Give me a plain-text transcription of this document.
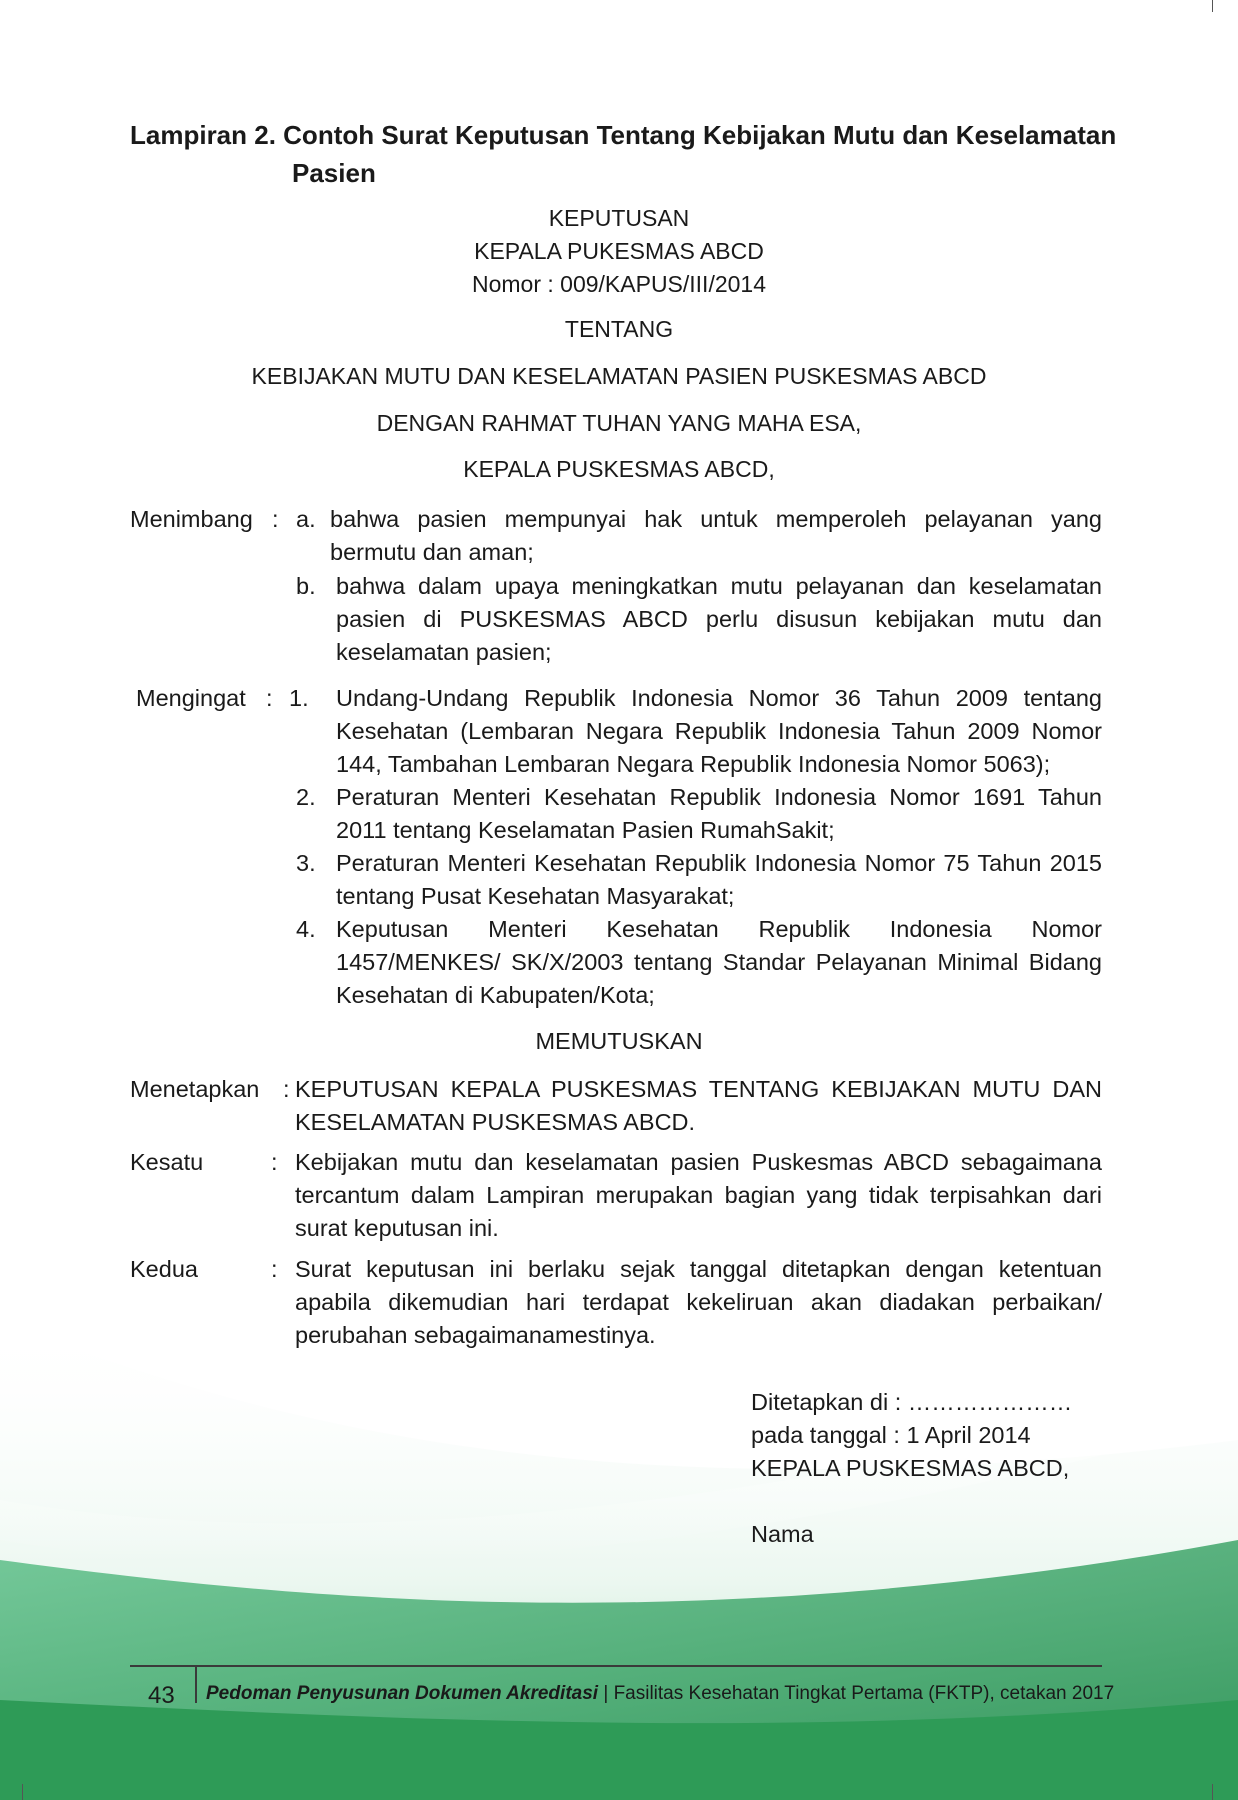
Lampiran 2. Contoh Surat Keputusan Tentang Kebijakan Mutu dan Keselamatan
Pasien
KEPUTUSAN
KEPALA PUKESMAS ABCD
Nomor : 009/KAPUS/III/2014
TENTANG
KEBIJAKAN MUTU DAN KESELAMATAN PASIEN PUSKESMAS ABCD
DENGAN RAHMAT TUHAN YANG MAHA ESA,
KEPALA PUSKESMAS ABCD,
Menimbang : a. bahwa pasien mempunyai hak untuk memperoleh pelayanan yang bermutu dan aman;
b. bahwa dalam upaya meningkatkan mutu pelayanan dan keselamatan pasien di PUSKESMAS ABCD perlu disusun kebijakan mutu dan keselamatan pasien;
Mengingat : 1. Undang-Undang Republik Indonesia Nomor 36 Tahun 2009 tentang Kesehatan (Lembaran Negara Republik Indonesia Tahun 2009 Nomor 144, Tambahan Lembaran Negara Republik Indonesia Nomor 5063);
2. Peraturan Menteri Kesehatan Republik Indonesia Nomor 1691 Tahun 2011 tentang Keselamatan Pasien RumahSakit;
3. Peraturan Menteri Kesehatan Republik Indonesia Nomor 75 Tahun 2015 tentang Pusat Kesehatan Masyarakat;
4. Keputusan Menteri Kesehatan Republik Indonesia Nomor 1457/MENKES/ SK/X/2003 tentang Standar Pelayanan Minimal Bidang Kesehatan di Kabupaten/Kota;
MEMUTUSKAN
Menetapkan : KEPUTUSAN KEPALA PUSKESMAS TENTANG KEBIJAKAN MUTU DAN KESELAMATAN PUSKESMAS ABCD.
Kesatu	: Kebijakan mutu dan keselamatan pasien Puskesmas ABCD sebagaimana tercantum dalam Lampiran merupakan bagian yang tidak terpisahkan dari surat keputusan ini.
Kedua	: Surat keputusan ini berlaku sejak tanggal ditetapkan dengan ketentuan apabila dikemudian hari terdapat kekeliruan akan diadakan perbaikan/ perubahan sebagaimanamestinya.
Ditetapkan di : …………………
pada tanggal : 1 April 2014
KEPALA PUSKESMAS ABCD,
Nama
43 Pedoman Penyusunan Dokumen Akreditasi | Fasilitas Kesehatan Tingkat Pertama (FKTP), cetakan 2017
